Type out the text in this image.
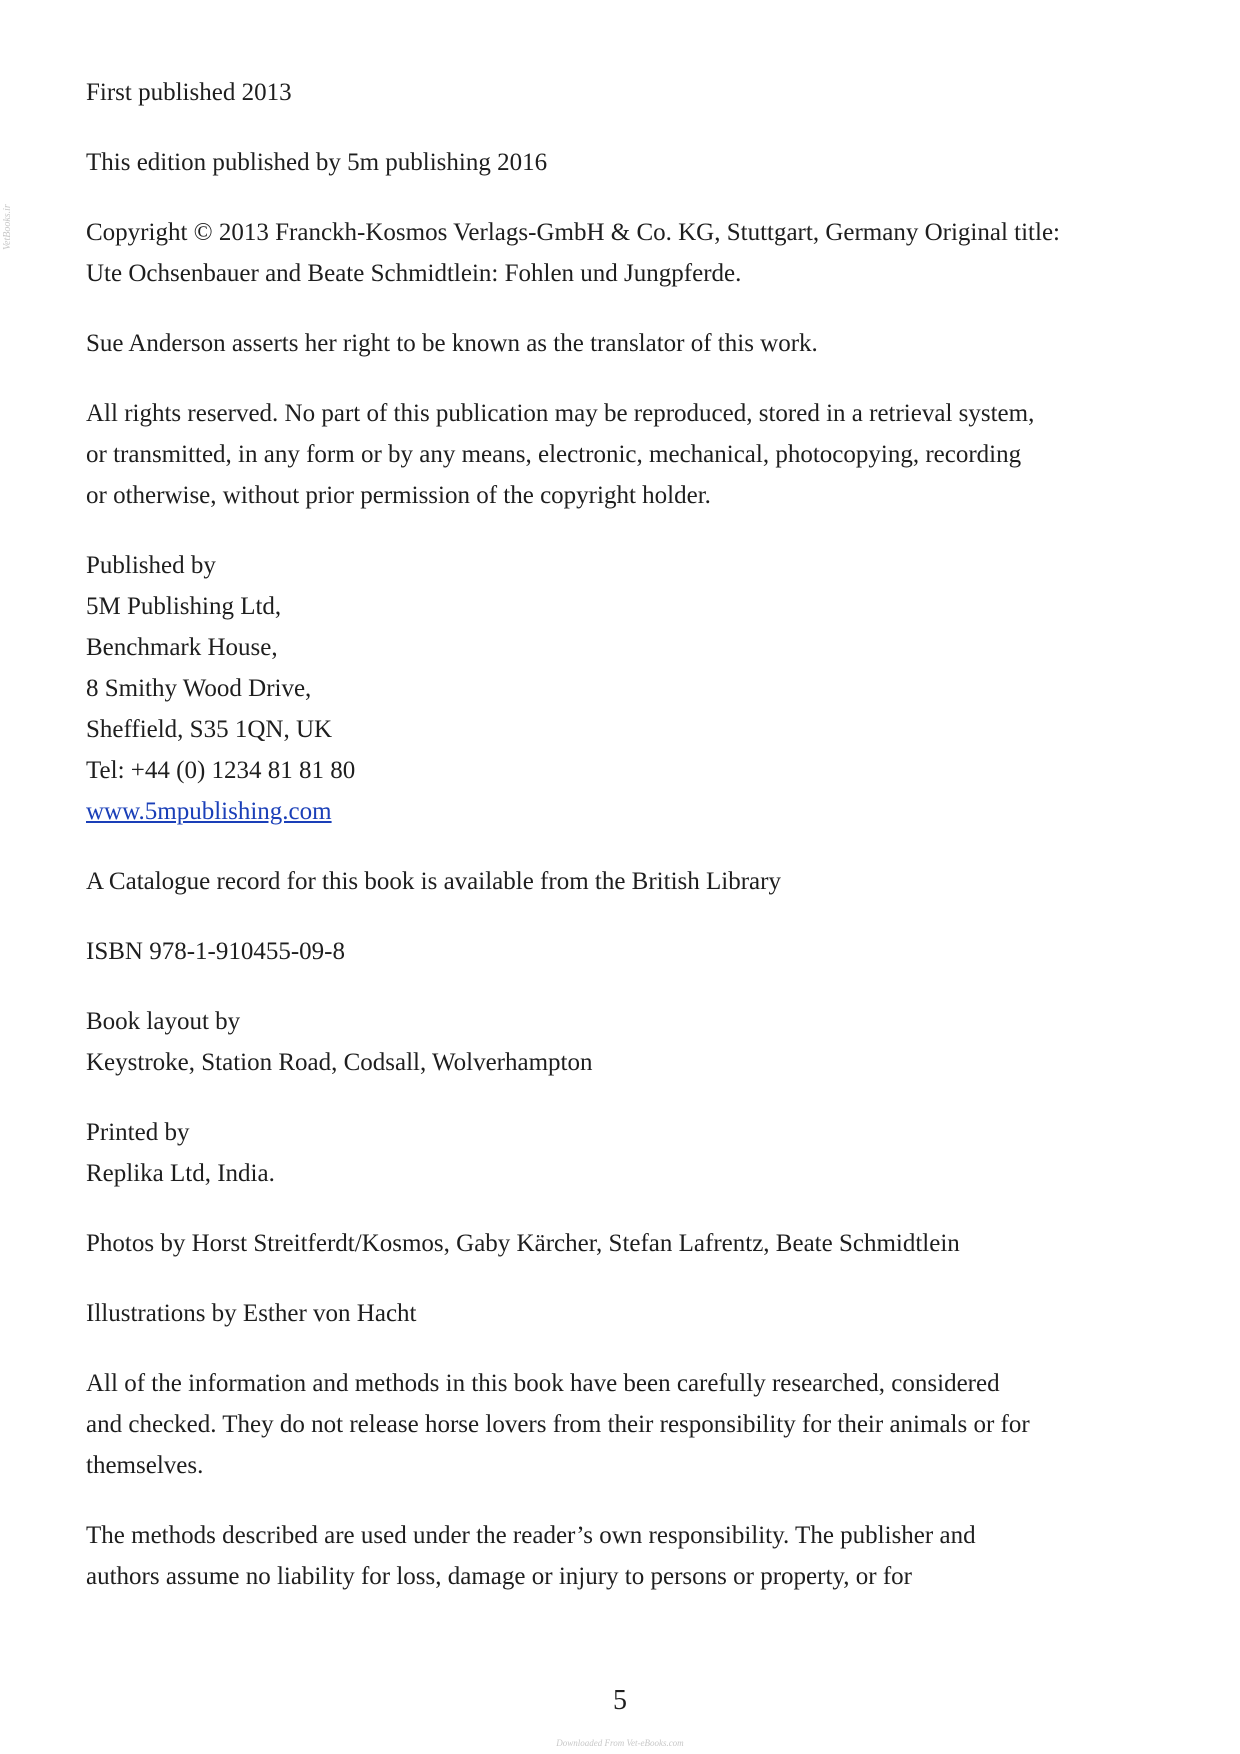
VetBooks.ir

First published 2013

This edition published by 5m publishing 2016

Copyright © 2013 Franckh-Kosmos Verlags-GmbH & Co. KG, Stuttgart, Germany Original title:
Ute Ochsenbauer and Beate Schmidtlein: Fohlen und Jungpferde.

Sue Anderson asserts her right to be known as the translator of this work.

All rights reserved. No part of this publication may be reproduced, stored in a retrieval system,
or transmitted, in any form or by any means, electronic, mechanical, photocopying, recording
or otherwise, without prior permission of the copyright holder.

Published by
5M Publishing Ltd,
Benchmark House,
8 Smithy Wood Drive,
Sheffield, S35 1QN, UK
Tel: +44 (0) 1234 81 81 80
www.5mpublishing.com

A Catalogue record for this book is available from the British Library

ISBN 978-1-910455-09-8

Book layout by
Keystroke, Station Road, Codsall, Wolverhampton

Printed by
Replika Ltd, India.

Photos by Horst Streitferdt/Kosmos, Gaby Kärcher, Stefan Lafrentz, Beate Schmidtlein

Illustrations by Esther von Hacht

All of the information and methods in this book have been carefully researched, considered
and checked. They do not release horse lovers from their responsibility for their animals or for
themselves.

The methods described are used under the reader’s own responsibility. The publisher and
authors assume no liability for loss, damage or injury to persons or property, or for

5
Downloaded From Vet-eBooks.com
